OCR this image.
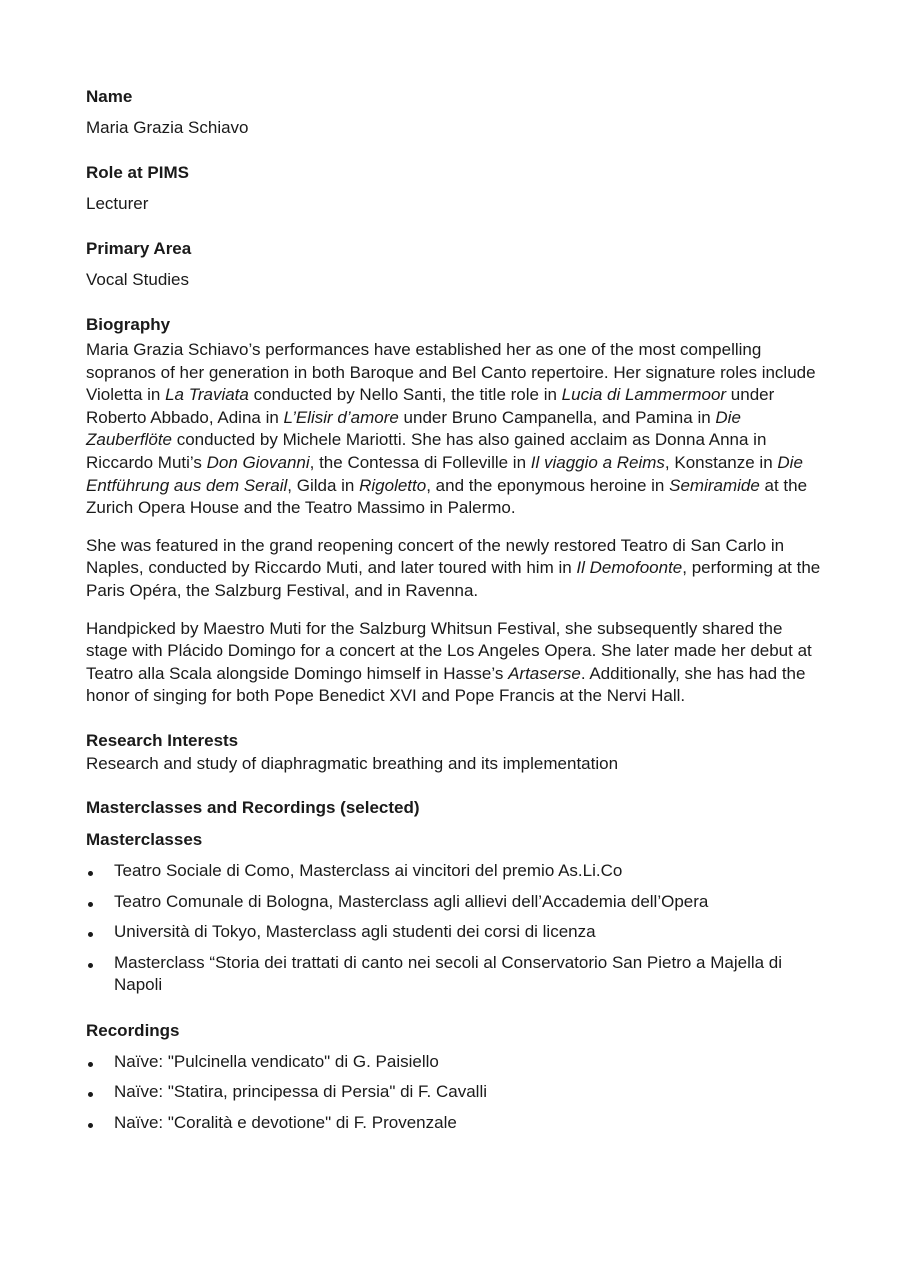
Name
Maria Grazia Schiavo
Role at PIMS
Lecturer
Primary Area
Vocal Studies
Biography

Maria Grazia Schiavo’s performances have established her as one of the most compelling sopranos of her generation in both Baroque and Bel Canto repertoire. Her signature roles include Violetta in La Traviata conducted by Nello Santi, the title role in Lucia di Lammermoor under Roberto Abbado, Adina in L’Elisir d’amore under Bruno Campanella, and Pamina in Die Zauberflöte conducted by Michele Mariotti. She has also gained acclaim as Donna Anna in Riccardo Muti’s Don Giovanni, the Contessa di Folleville in Il viaggio a Reims, Konstanze in Die Entführung aus dem Serail, Gilda in Rigoletto, and the eponymous heroine in Semiramide at the Zurich Opera House and the Teatro Massimo in Palermo.

She was featured in the grand reopening concert of the newly restored Teatro di San Carlo in Naples, conducted by Riccardo Muti, and later toured with him in Il Demofoonte, performing at the Paris Opéra, the Salzburg Festival, and in Ravenna.

Handpicked by Maestro Muti for the Salzburg Whitsun Festival, she subsequently shared the stage with Plácido Domingo for a concert at the Los Angeles Opera. She later made her debut at Teatro alla Scala alongside Domingo himself in Hasse’s Artaserse. Additionally, she has had the honor of singing for both Pope Benedict XVI and Pope Francis at the Nervi Hall.

Research Interests
Research and study of diaphragmatic breathing and its implementation
Masterclasses and Recordings (selected)
Masterclasses
Teatro Sociale di Como, Masterclass ai vincitori del premio As.Li.Co
Teatro Comunale di Bologna, Masterclass agli allievi dell’Accademia dell’Opera
Università di Tokyo, Masterclass agli studenti dei corsi di licenza
Masterclass “Storia dei trattati di canto nei secoli al Conservatorio San Pietro a Majella di Napoli
Recordings
Naïve: "Pulcinella vendicato" di G. Paisiello
Naïve: "Statira, principessa di Persia" di F. Cavalli
Naïve: "Coralità e devotione" di F. Provenzale
